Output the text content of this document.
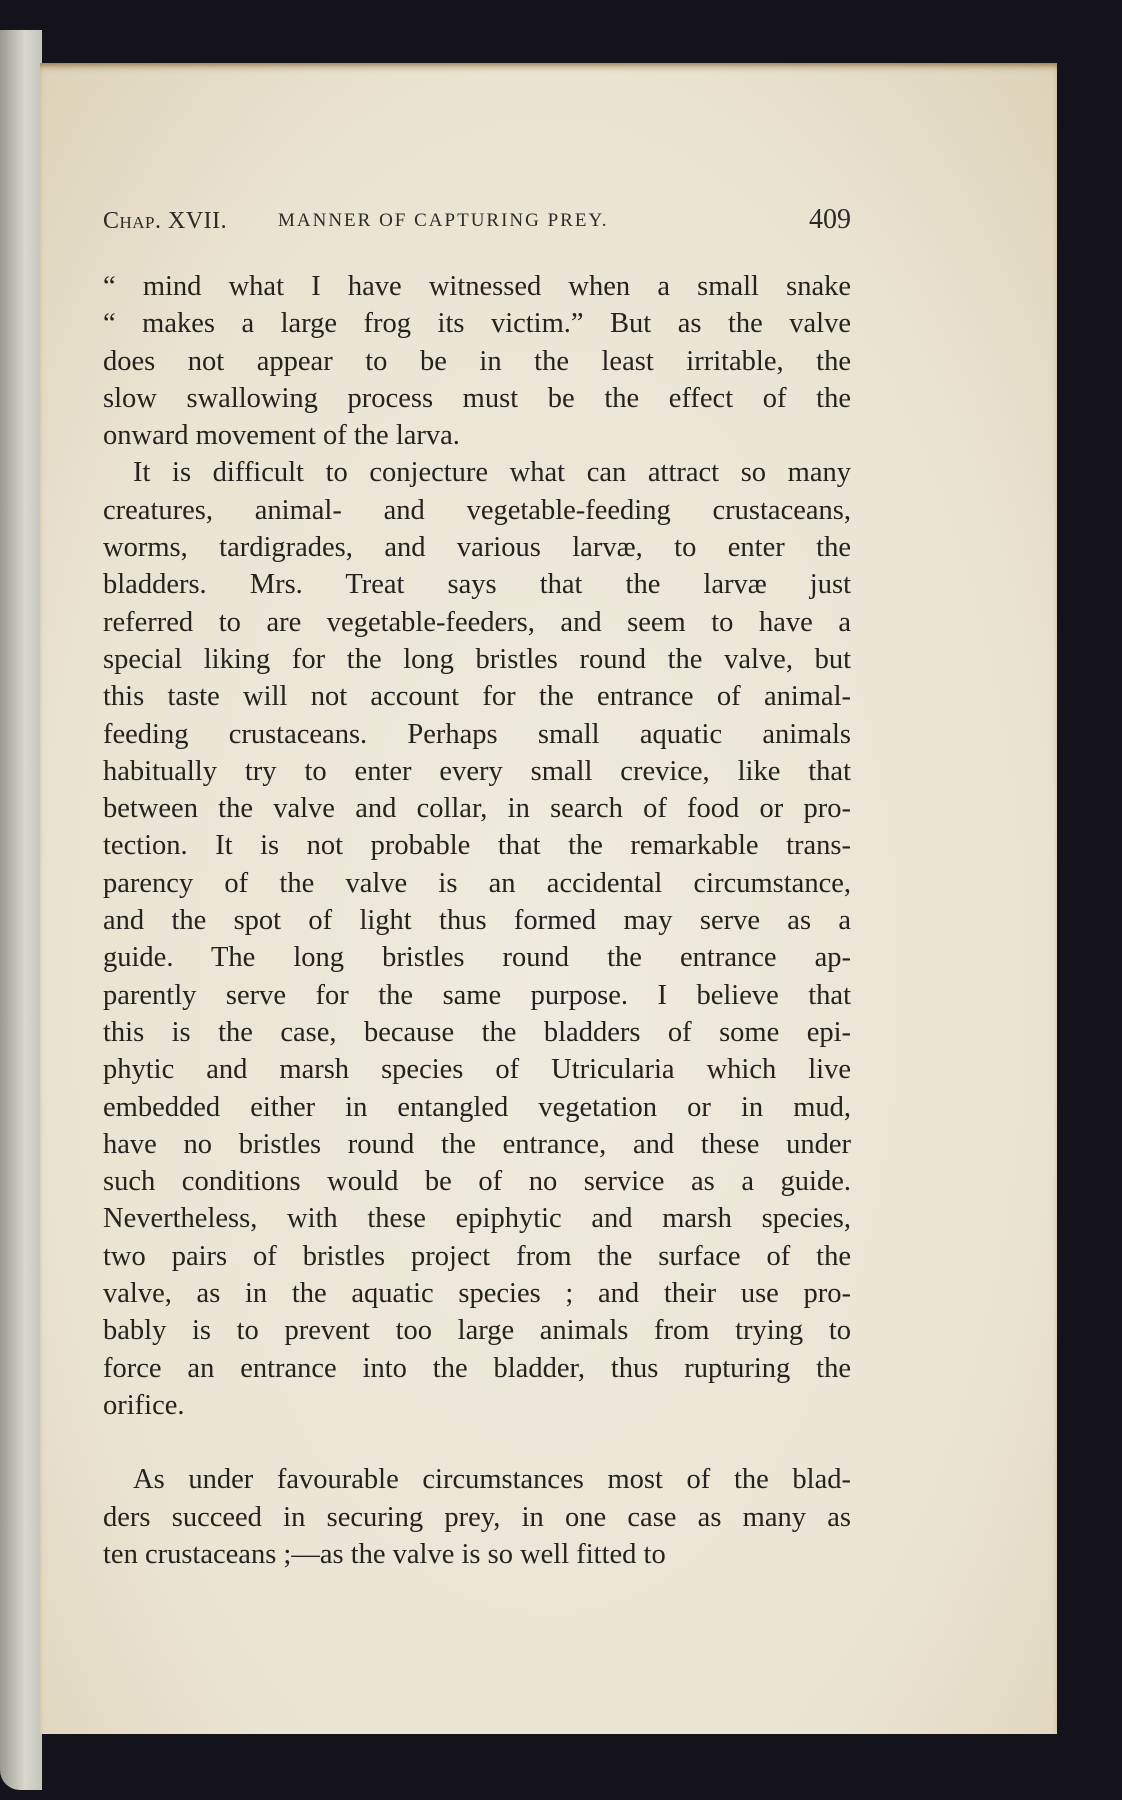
Chap. XVII.	MANNER OF CAPTURING PREY.	409
“ mind what I have witnessed when a small snake
“ makes a large frog its victim.” But as the valve
does not appear to be in the least irritable, the
slow swallowing process must be the effect of the
onward movement of the larva.
It is difficult to conjecture what can attract so many
creatures, animal- and vegetable-feeding crustaceans,
worms, tardigrades, and various larvæ, to enter the
bladders. Mrs. Treat says that the larvæ just
referred to are vegetable-feeders, and seem to have a
special liking for the long bristles round the valve, but
this taste will not account for the entrance of animal-
feeding crustaceans. Perhaps small aquatic animals
habitually try to enter every small crevice, like that
between the valve and collar, in search of food or pro-
tection. It is not probable that the remarkable trans-
parency of the valve is an accidental circumstance,
and the spot of light thus formed may serve as a
guide. The long bristles round the entrance ap-
parently serve for the same purpose. I believe that
this is the case, because the bladders of some epi-
phytic and marsh species of Utricularia which live
embedded either in entangled vegetation or in mud,
have no bristles round the entrance, and these under
such conditions would be of no service as a guide.
Nevertheless, with these epiphytic and marsh species,
two pairs of bristles project from the surface of the
valve, as in the aquatic species ; and their use pro-
bably is to prevent too large animals from trying to
force an entrance into the bladder, thus rupturing the
orifice.
As under favourable circumstances most of the blad-
ders succeed in securing prey, in one case as many as
ten crustaceans ;—as the valve is so well fitted to
